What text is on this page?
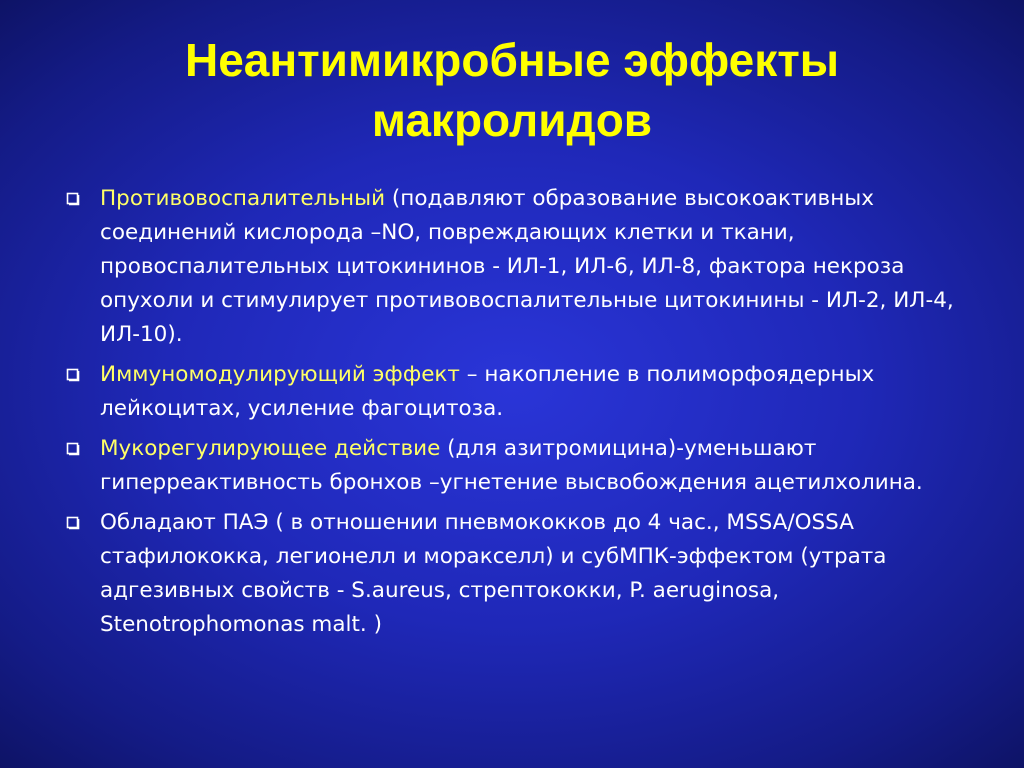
Неантимикробные эффекты
макролидов
Противовоспалительный (подавляют образование высокоактивных соединений кислорода –NO, повреждающих клетки и ткани, провоспалительных цитокининов - ИЛ-1, ИЛ-6, ИЛ-8, фактора некроза опухоли и стимулирует противовоспалительные цитокинины - ИЛ-2, ИЛ-4, ИЛ-10).
Иммуномодулирующий эффект – накопление в полиморфоядерных лейкоцитах, усиление фагоцитоза.
Мукорегулирующее действие (для азитромицина)-уменьшают гиперреактивность бронхов –угнетение высвобождения ацетилхолина.
Обладают ПАЭ ( в отношении пневмококков до 4 час., MSSA/OSSA стафилококка, легионелл и моракселл) и субМПК-эффектом (утрата адгезивных свойств - S.aureus, стрептококки, P. aeruginosa, Stenotrophomonas malt. )
